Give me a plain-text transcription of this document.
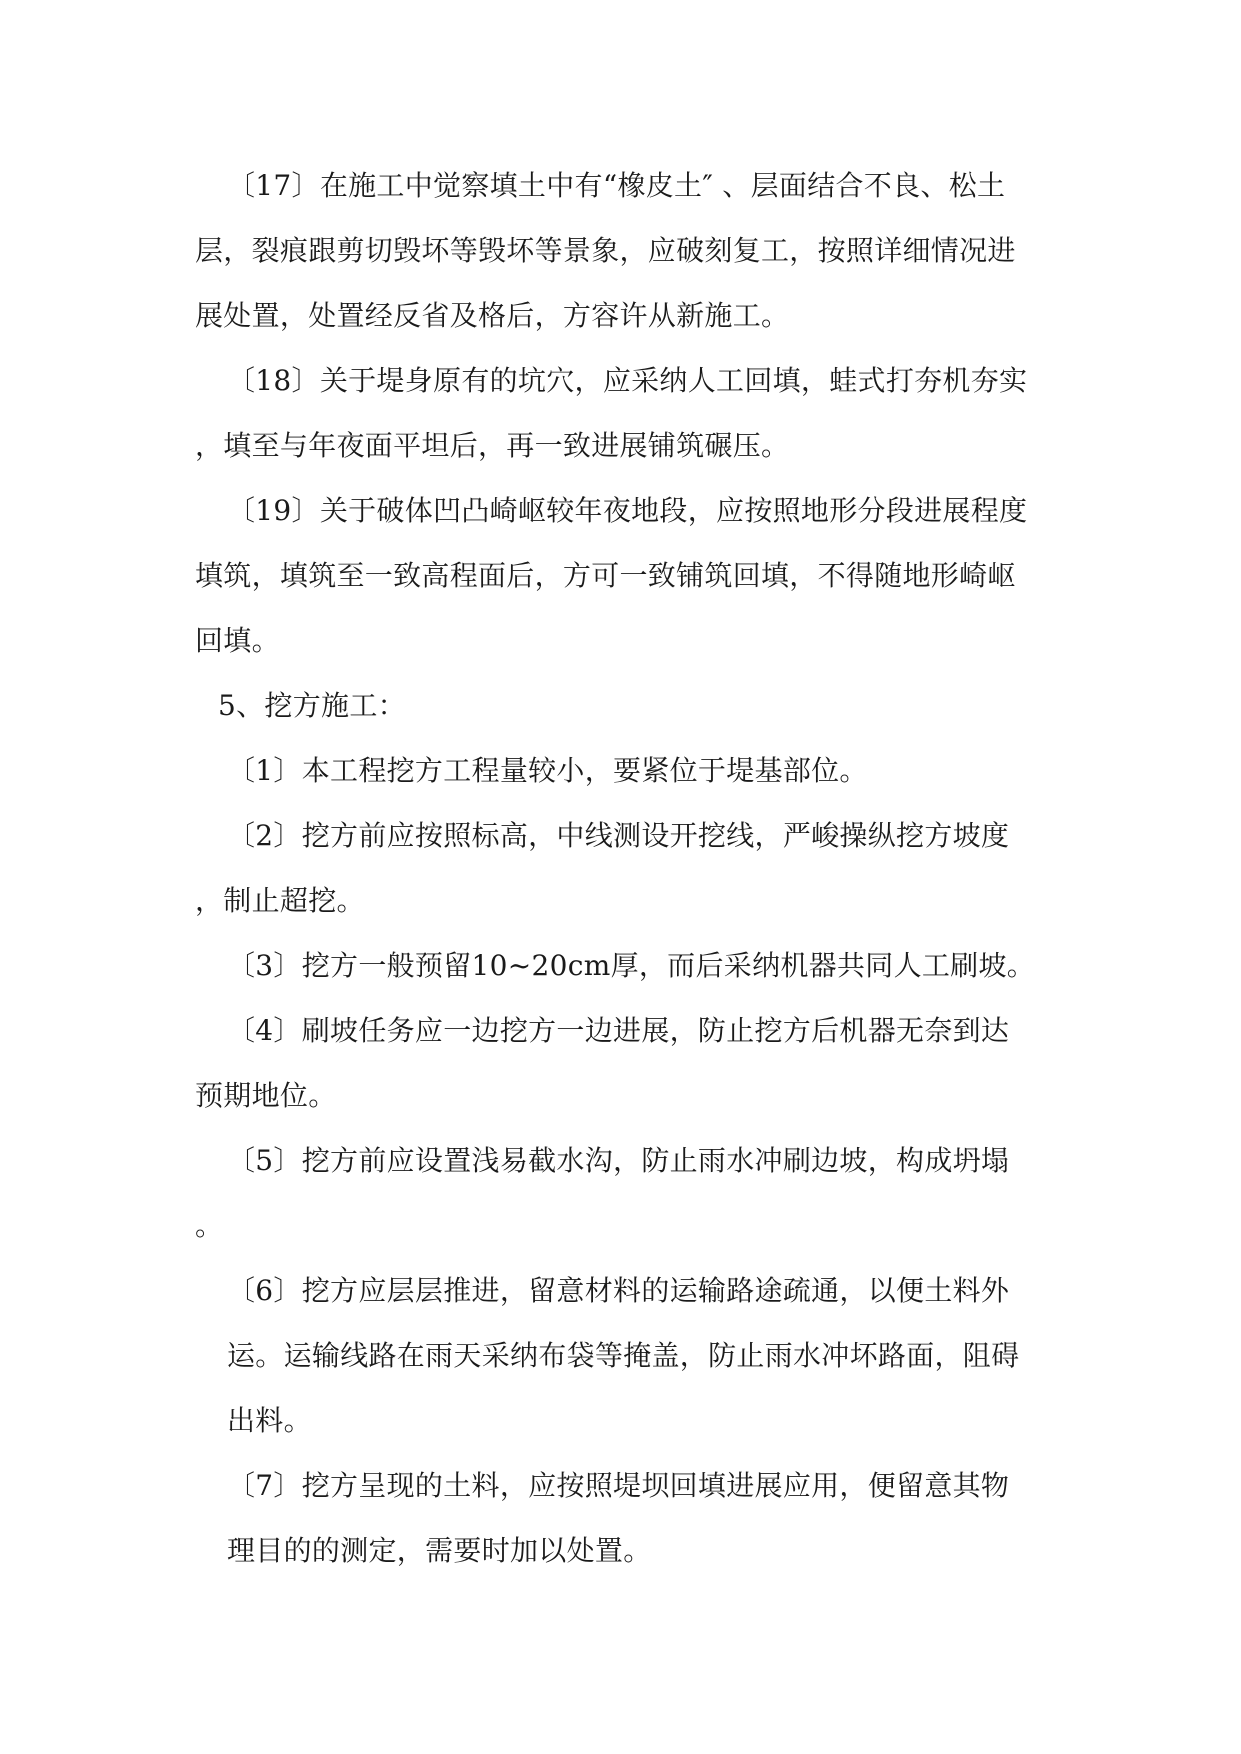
〔17〕在施工中觉察填土中有“橡皮土″ 、层面结合不良、松土
层，裂痕跟剪切毁坏等毁坏等景象，应破刻复工，按照详细情况进
展处置，处置经反省及格后，方容许从新施工。
〔18〕关于堤身原有的坑穴，应采纳人工回填，蛙式打夯机夯实
，填至与年夜面平坦后，再一致进展铺筑碾压。
〔19〕关于破体凹凸崎岖较年夜地段，应按照地形分段进展程度
填筑，填筑至一致高程面后，方可一致铺筑回填，不得随地形崎岖
回填。
5、挖方施工：
〔1〕本工程挖方工程量较小，要紧位于堤基部位。
〔2〕挖方前应按照标高，中线测设开挖线，严峻操纵挖方坡度
，制止超挖。
〔3〕挖方一般预留10~20cm厚，而后采纳机器共同人工刷坡。
〔4〕刷坡任务应一边挖方一边进展，防止挖方后机器无奈到达
预期地位。
〔5〕挖方前应设置浅易截水沟，防止雨水冲刷边坡，构成坍塌
。
〔6〕挖方应层层推进，留意材料的运输路途疏通，以便土料外
运。运输线路在雨天采纳布袋等掩盖，防止雨水冲坏路面，阻碍
出料。
〔7〕挖方呈现的土料，应按照堤坝回填进展应用，便留意其物
理目的的测定，需要时加以处置。
